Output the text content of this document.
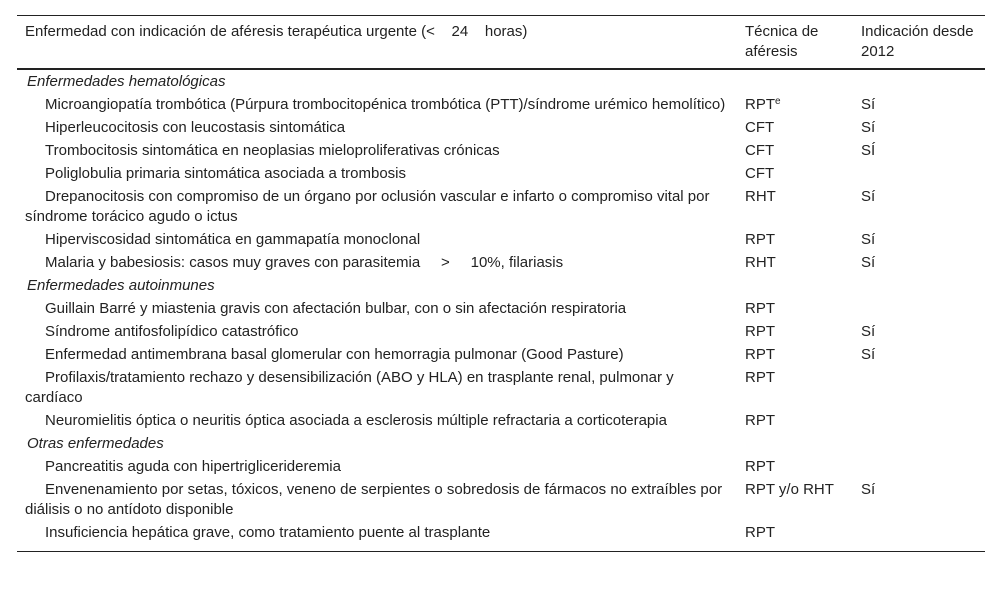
Enfermedad con indicación de aféresis terapéutica urgente (<    24    horas)	Técnica de aféresis	Indicación desde 2012
Enfermedades hematológicas		
Microangiopatía trombótica (Púrpura trombocitopénica trombótica (PTT)/síndrome urémico hemolítico)	RPT$^e$	Sí
Hiperleucocitosis con leucostasis sintomática	CFT	Sí
Trombocitosis sintomática en neoplasias mieloproliferativas crónicas	CFT	SÍ
Poliglobulia primaria sintomática asociada a trombosis	CFT	
Drepanocitosis con compromiso de un órgano por oclusión vascular e infarto o compromiso vital por síndrome torácico agudo o ictus	RHT	Sí
Hiperviscosidad sintomática en gammapatía monoclonal	RPT	Sí
Malaria y babesiosis: casos muy graves con parasitemia     >     10%, filariasis	RHT	Sí
Enfermedades autoinmunes		
Guillain Barré y miastenia gravis con afectación bulbar, con o sin afectación respiratoria	RPT	
Síndrome antifosfolipídico catastrófico	RPT	Sí
Enfermedad antimembrana basal glomerular con hemorragia pulmonar (Good Pasture)	RPT	Sí
Profilaxis/tratamiento rechazo y desensibilización (ABO y HLA) en trasplante renal, pulmonar y cardíaco	RPT	
Neuromielitis óptica o neuritis óptica asociada a esclerosis múltiple refractaria a corticoterapia	RPT	
Otras enfermedades		
Pancreatitis aguda con hipertriglicerideremia	RPT	
Envenenamiento por setas, tóxicos, veneno de serpientes o sobredosis de fármacos no extraíbles por diálisis o no antídoto disponible	RPT y/o RHT	Sí
Insuficiencia hepática grave, como tratamiento puente al trasplante	RPT	
